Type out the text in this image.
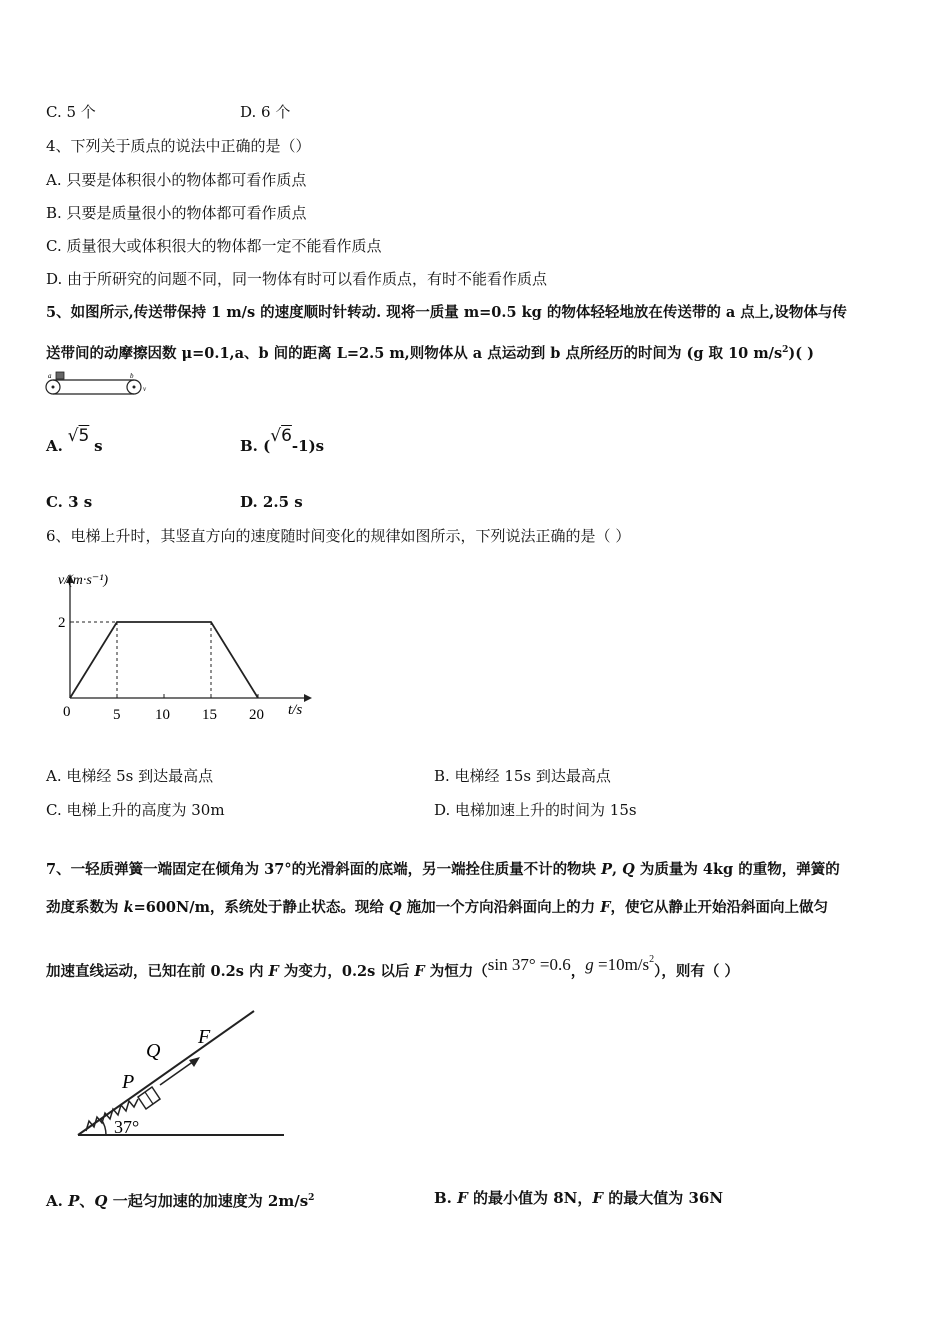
C. 5 个	D. 6 个
4、下列关于质点的说法中正确的是（）
A. 只要是体积很小的物体都可看作质点
B. 只要是质量很小的物体都可看作质点
C. 质量很大或体积很大的物体都一定不能看作质点
D. 由于所研究的问题不同，同一物体有时可以看作质点，有时不能看作质点
5、如图所示,传送带保持 1 m/s 的速度顺时针转动. 现将一质量 m=0.5 kg 的物体轻轻地放在传送带的 a 点上,设物体与传
送带间的动摩擦因数 μ=0.1,a、b 间的距离 L=2.5 m,则物体从 a 点运动到 b 点所经历的时间为 (g 取 10 $m/s^2$)( )
a	b
v
A. √5 s	B. (√6-1)s
C. 3 s	D. 2.5 s
6、电梯上升时，其竖直方向的速度随时间变化的规律如图所示，下列说法正确的是（ ）
v/(m·s⁻¹)
t/s
0	5 10 15 20
2
A. 电梯经 5s 到达最高点	B. 电梯经 15s 到达最高点
C. 电梯上升的高度为 30m	D. 电梯加速上升的时间为 15s
7、一轻质弹簧一端固定在倾角为 37°的光滑斜面的底端，另一端拴住质量不计的物块 P, Q 为质量为 4kg 的重物，弹簧的
劲度系数为 k=600N/m，系统处于静止状态。现给 Q 施加一个方向沿斜面向上的力 F，使它从静止开始沿斜面向上做匀
加速直线运动，已知在前 0.2s 内 F 为变力，0.2s 以后 F 为恒力（sin 37° =0.6，$g =10m/s^2$），则有（ ）
P
Q
F
37°
A. P、Q 一起匀加速的加速度为 $2m/s^2$	B. F 的最小值为 8N，F 的最大值为 36N
